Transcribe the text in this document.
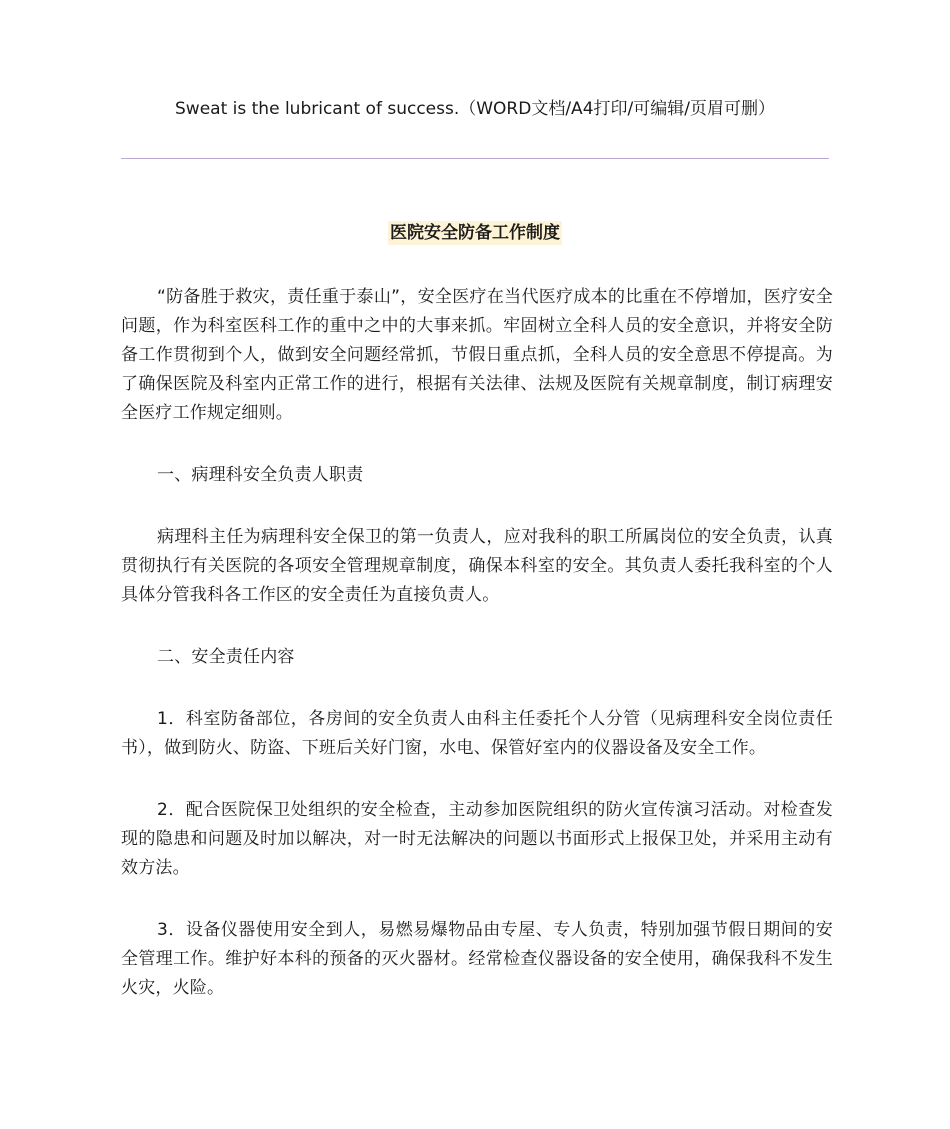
Sweat is the lubricant of success.（WORD文档/A4打印/可编辑/页眉可删）
医院安全防备工作制度

“防备胜于救灾，责任重于泰山”，安全医疗在当代医疗成本的比重在不停增加，医疗安全问题，作为科室医科工作的重中之中的大事来抓。牢固树立全科人员的安全意识，并将安全防备工作贯彻到个人，做到安全问题经常抓，节假日重点抓，全科人员的安全意思不停提高。为了确保医院及科室内正常工作的进行，根据有关法律、法规及医院有关规章制度，制订病理安全医疗工作规定细则。

一、病理科安全负责人职责

病理科主任为病理科安全保卫的第一负责人，应对我科的职工所属岗位的安全负责，认真贯彻执行有关医院的各项安全管理规章制度，确保本科室的安全。其负责人委托我科室的个人具体分管我科各工作区的安全责任为直接负责人。

二、安全责任内容

1．科室防备部位，各房间的安全负责人由科主任委托个人分管（见病理科安全岗位责任书），做到防火、防盗、下班后关好门窗，水电、保管好室内的仪器设备及安全工作。

2．配合医院保卫处组织的安全检查，主动参加医院组织的防火宣传演习活动。对检查发现的隐患和问题及时加以解决，对一时无法解决的问题以书面形式上报保卫处，并采用主动有效方法。

3．设备仪器使用安全到人，易燃易爆物品由专屋、专人负责，特别加强节假日期间的安全管理工作。维护好本科的预备的灭火器材。经常检查仪器设备的安全使用，确保我科不发生火灾，火险。
